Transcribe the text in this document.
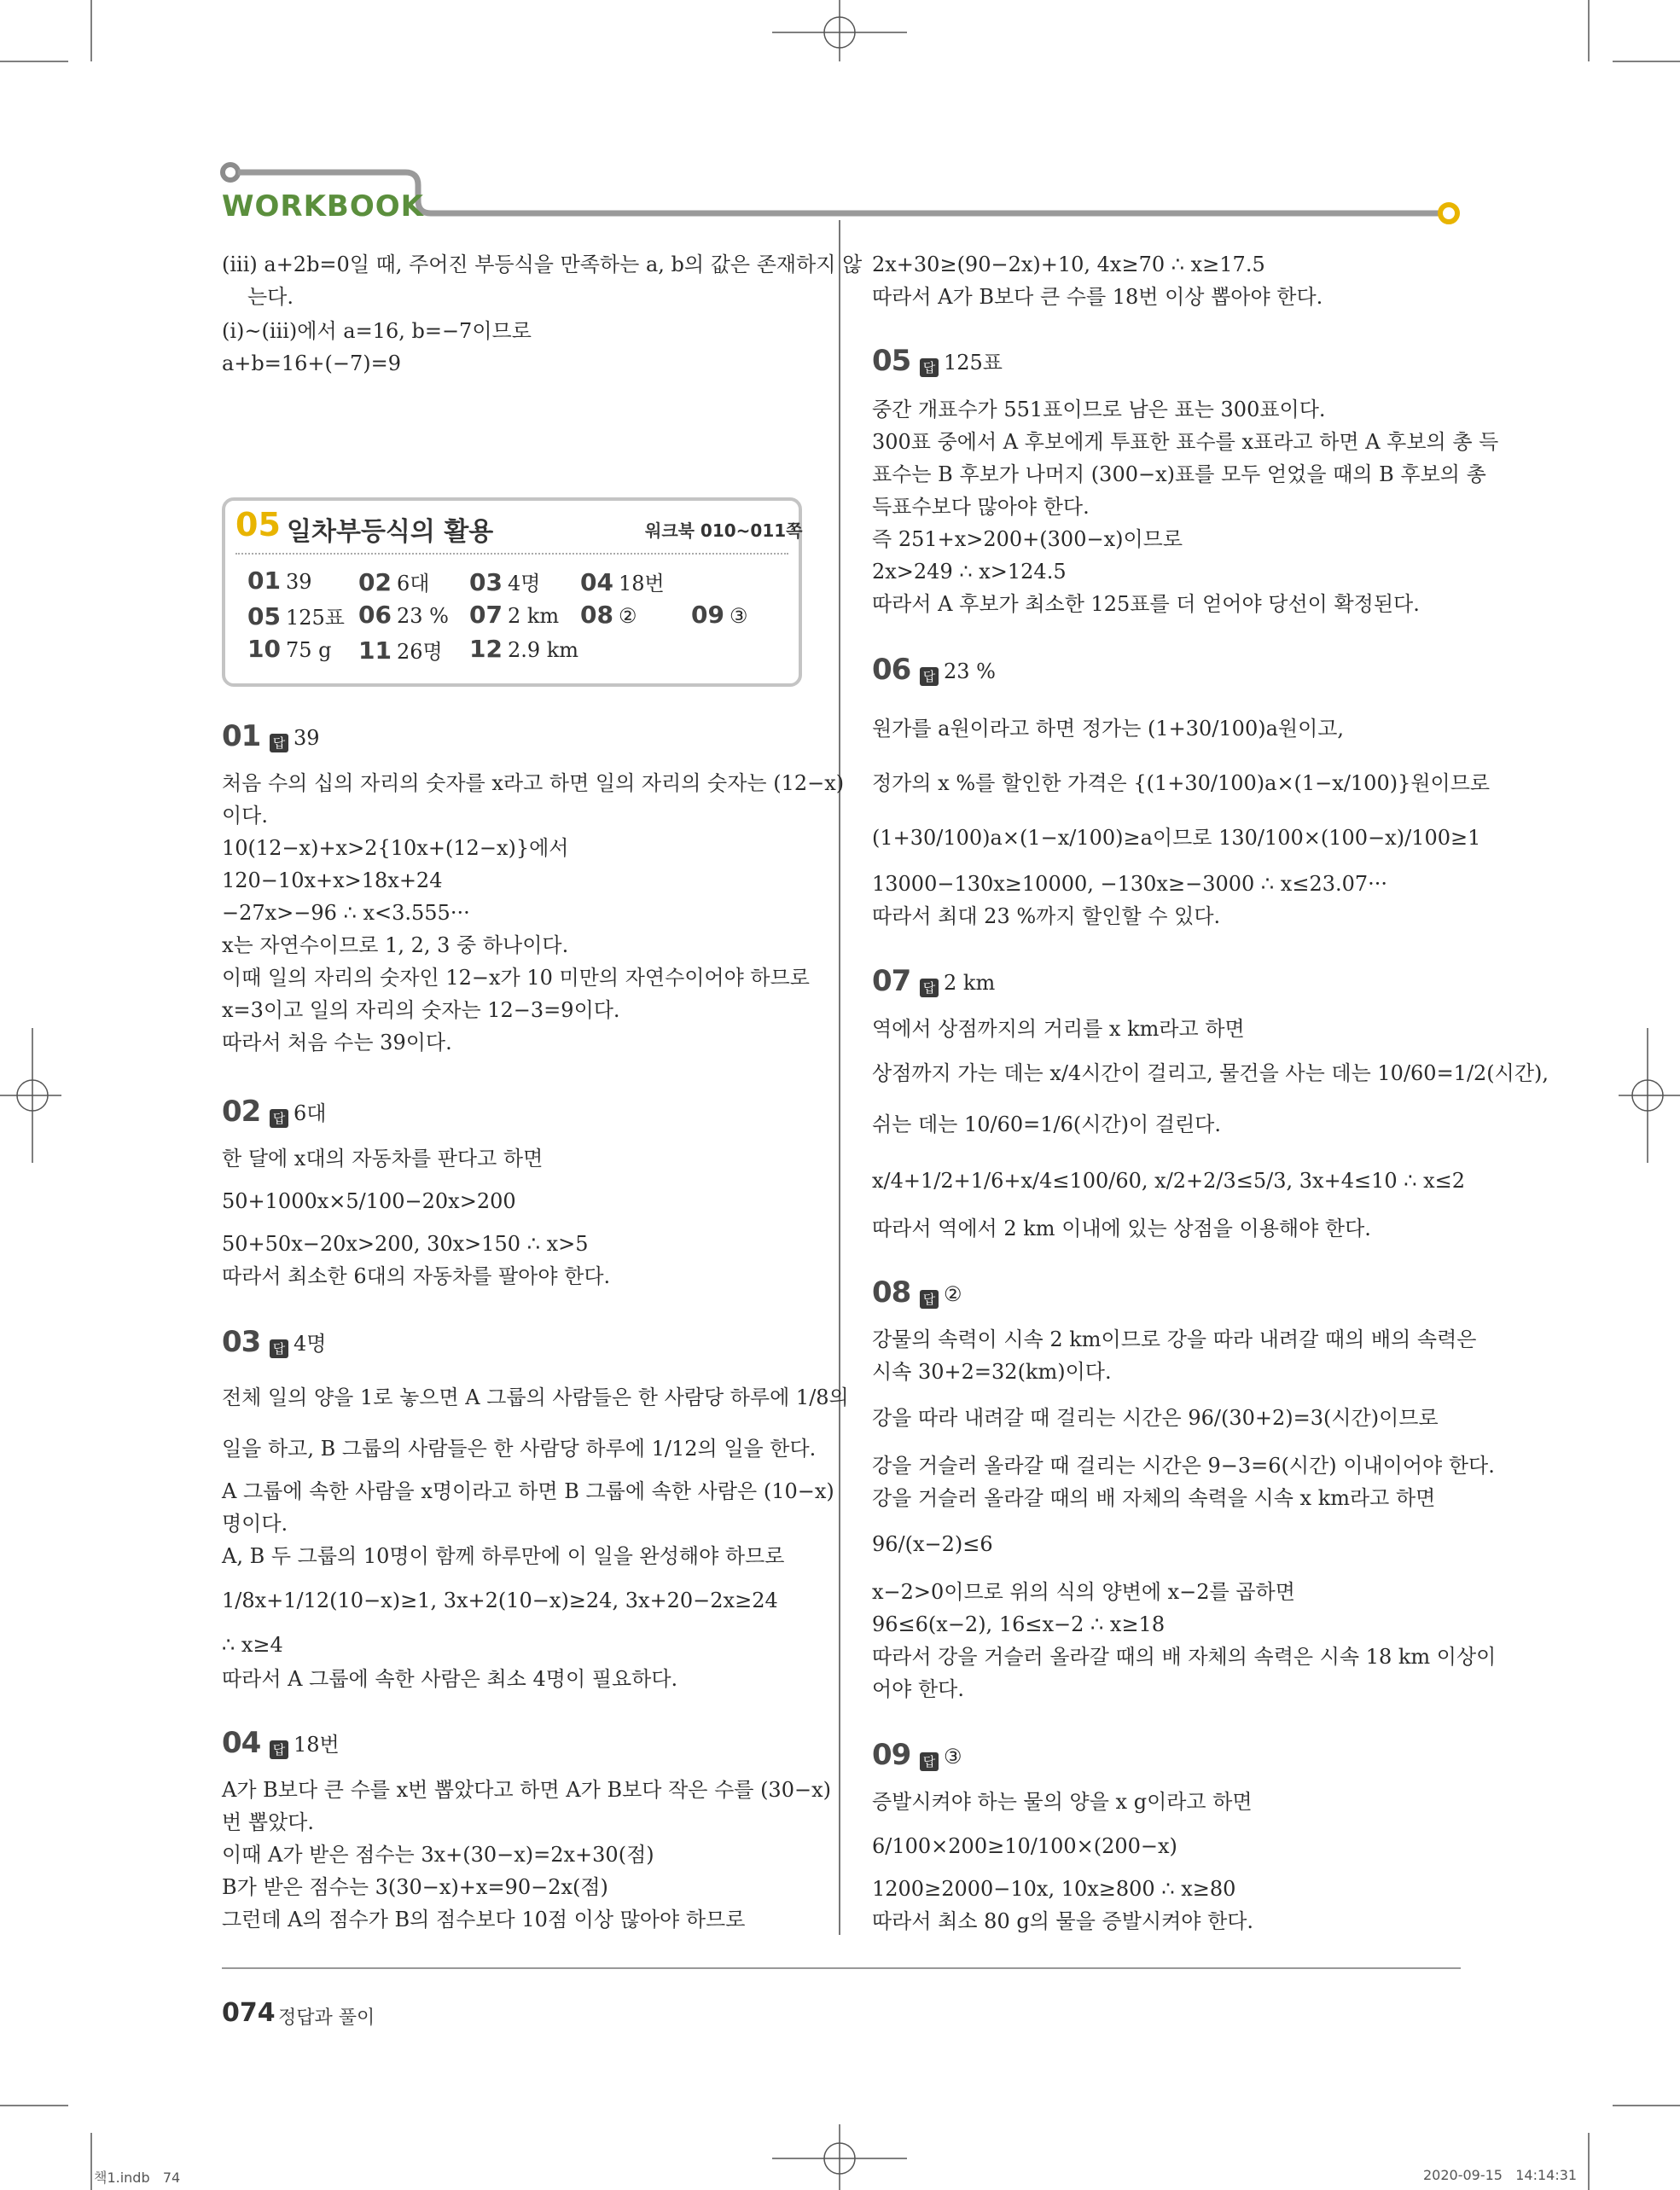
WORKBOOK
(iii) a+2b=0일 때, 주어진 부등식을 만족하는 a, b의 값은 존재하지 않
는다.
(ⅰ)~(ⅲ)에서 a=16, b=−7이므로
a+b=16+(−7)=9
05 일차부등식의 활용	워크북 010~011쪽
01 39 02 6대 03 4명 04 18번
05 125표 06 23 % 07 2 km 08 ② 09 ③
10 75 g 11 26명 12 2.9 km
01 답 39
처음 수의 십의 자리의 숫자를 x라고 하면 일의 자리의 숫자는 (12−x)
이다.
10(12−x)+x>2{10x+(12−x)}에서
120−10x+x>18x+24
−27x>−96 ∴ x<3.555···
x는 자연수이므로 1, 2, 3 중 하나이다.
이때 일의 자리의 숫자인 12−x가 10 미만의 자연수이어야 하므로
x=3이고 일의 자리의 숫자는 12−3=9이다.
따라서 처음 수는 39이다.
02 답 6대
한 달에 x대의 자동차를 판다고 하면
50+1000x×5/100−20x>200
50+50x−20x>200, 30x>150 ∴ x>5
따라서 최소한 6대의 자동차를 팔아야 한다.
03 답 4명
전체 일의 양을 1로 놓으면 A 그룹의 사람들은 한 사람당 하루에 1/8의
일을 하고, B 그룹의 사람들은 한 사람당 하루에 1/12의 일을 한다.
A 그룹에 속한 사람을 x명이라고 하면 B 그룹에 속한 사람은 (10−x)
명이다.
A, B 두 그룹의 10명이 함께 하루만에 이 일을 완성해야 하므로
1/8x+1/12(10−x)≥1, 3x+2(10−x)≥24, 3x+20−2x≥24
∴ x≥4
따라서 A 그룹에 속한 사람은 최소 4명이 필요하다.
04 답 18번
A가 B보다 큰 수를 x번 뽑았다고 하면 A가 B보다 작은 수를 (30−x)
번 뽑았다.
이때 A가 받은 점수는 3x+(30−x)=2x+30(점)
B가 받은 점수는 3(30−x)+x=90−2x(점)
그런데 A의 점수가 B의 점수보다 10점 이상 많아야 하므로
2x+30≥(90−2x)+10, 4x≥70 ∴ x≥17.5
따라서 A가 B보다 큰 수를 18번 이상 뽑아야 한다.
05 답 125표
중간 개표수가 551표이므로 남은 표는 300표이다.
300표 중에서 A 후보에게 투표한 표수를 x표라고 하면 A 후보의 총 득
표수는 B 후보가 나머지 (300−x)표를 모두 얻었을 때의 B 후보의 총
득표수보다 많아야 한다.
즉 251+x>200+(300−x)이므로
2x>249 ∴ x>124.5
따라서 A 후보가 최소한 125표를 더 얻어야 당선이 확정된다.
06 답 23 %
원가를 a원이라고 하면 정가는 (1+30/100)a원이고,
정가의 x %를 할인한 가격은 {(1+30/100)a×(1−x/100)}원이므로
(1+30/100)a×(1−x/100)≥a이므로 130/100×(100−x)/100≥1
13000−130x≥10000, −130x≥−3000 ∴ x≤23.07···
따라서 최대 23 %까지 할인할 수 있다.
07 답 2 km
역에서 상점까지의 거리를 x km라고 하면
상점까지 가는 데는 x/4시간이 걸리고, 물건을 사는 데는 10/60=1/2(시간),
쉬는 데는 10/60=1/6(시간)이 걸린다.
x/4+1/2+1/6+x/4≤100/60, x/2+2/3≤5/3, 3x+4≤10 ∴ x≤2
따라서 역에서 2 km 이내에 있는 상점을 이용해야 한다.
08 답 ②
강물의 속력이 시속 2 km이므로 강을 따라 내려갈 때의 배의 속력은
시속 30+2=32(km)이다.
강을 따라 내려갈 때 걸리는 시간은 96/(30+2)=3(시간)이므로
강을 거슬러 올라갈 때 걸리는 시간은 9−3=6(시간) 이내이어야 한다.
강을 거슬러 올라갈 때의 배 자체의 속력을 시속 x km라고 하면
96/(x−2)≤6
x−2>0이므로 위의 식의 양변에 x−2를 곱하면
96≤6(x−2), 16≤x−2 ∴ x≥18
따라서 강을 거슬러 올라갈 때의 배 자체의 속력은 시속 18 km 이상이
어야 한다.
09 답 ③
증발시켜야 하는 물의 양을 x g이라고 하면
6/100×200≥10/100×(200−x)
1200≥2000−10x, 10x≥800 ∴ x≥80
따라서 최소 80 g의 물을 증발시켜야 한다.
074 정답과 풀이
책1.indb   74	2020-09-15   14:14:31
